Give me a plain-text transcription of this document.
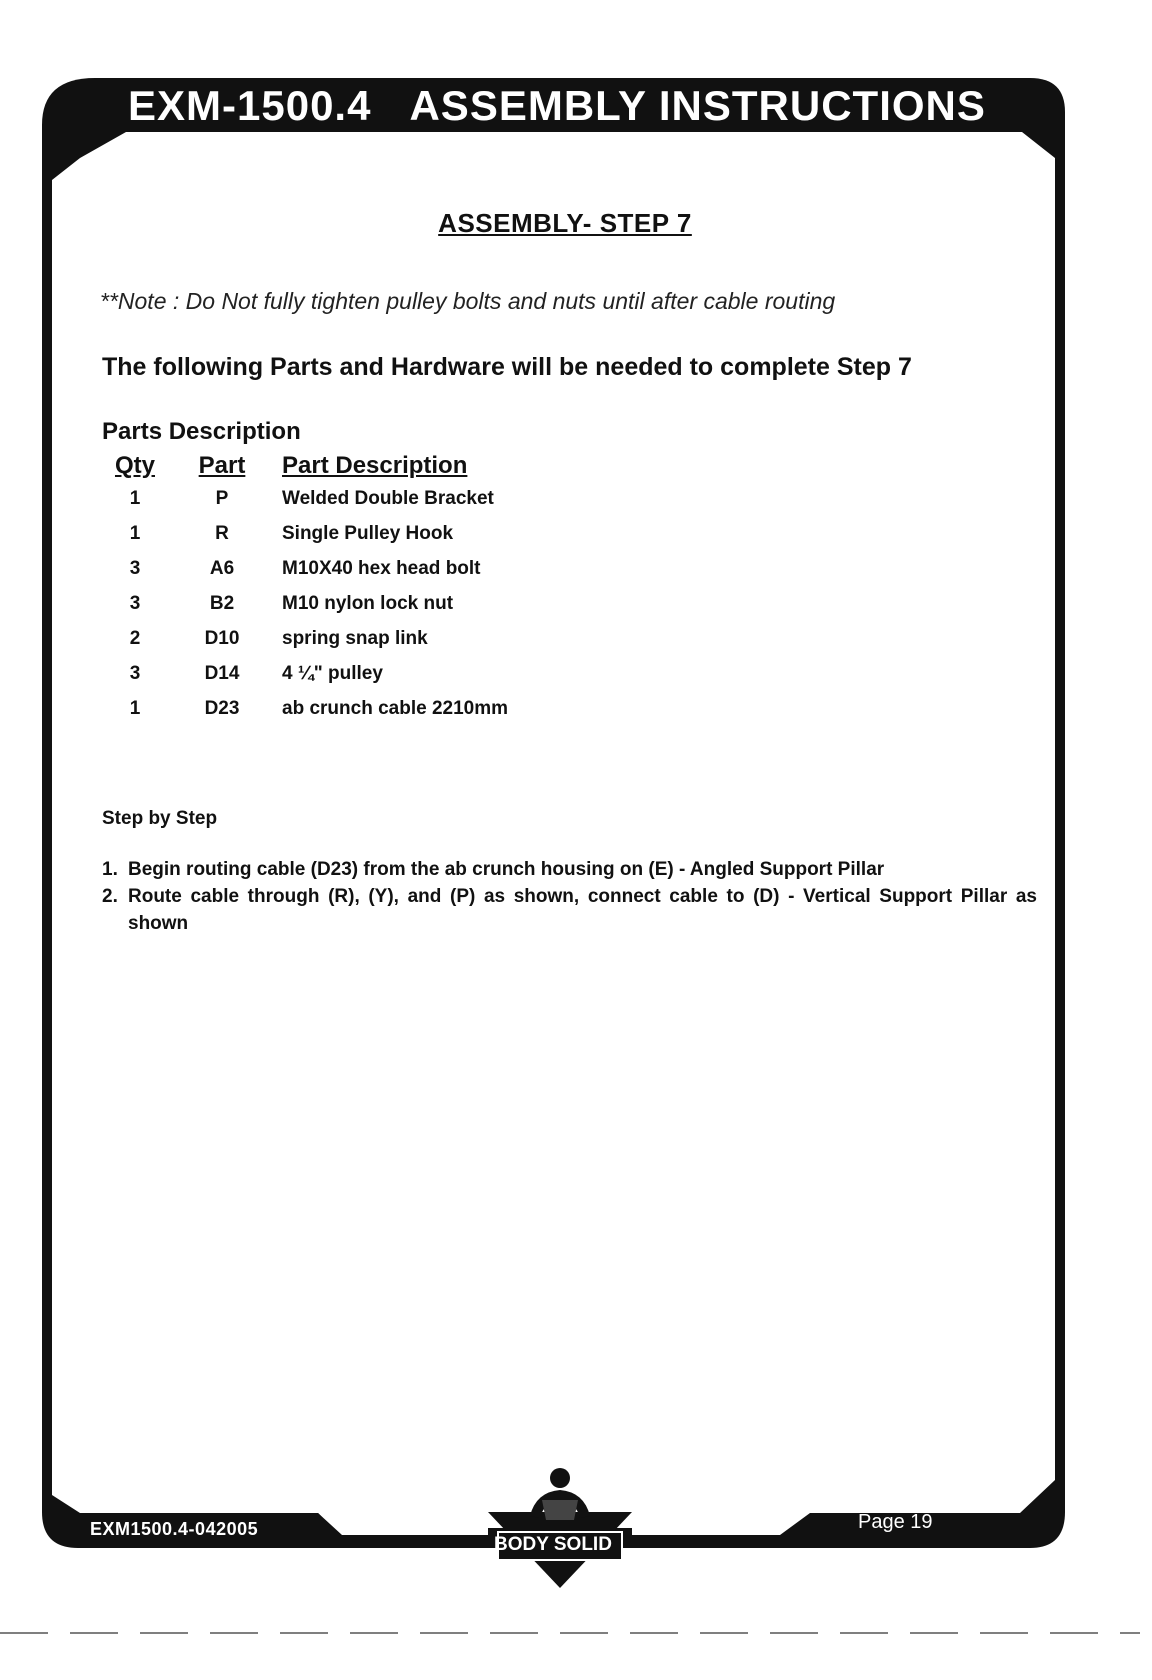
EXM-1500.4 ASSEMBLY INSTRUCTIONS
ASSEMBLY- STEP 7
**Note : Do Not fully tighten pulley bolts and nuts until after cable routing
The following Parts and Hardware will be needed to complete Step 7
Parts Description
Qty Part Part Description
1	P	Welded Double Bracket
1	R	Single Pulley Hook
3	A6	M10X40 hex head bolt
3	B2	M10 nylon lock nut
2	D10	spring snap link
3	D14	4 ¼" pulley
1	D23	ab crunch cable 2210mm
Step by Step
1. Begin routing cable (D23) from the ab crunch housing on (E) - Angled Support Pillar
2. Route cable through (R), (Y), and (P) as shown, connect cable to (D) - Vertical Support Pillar as shown
EXM1500.4-042005	Page 19
BODY SOLID
